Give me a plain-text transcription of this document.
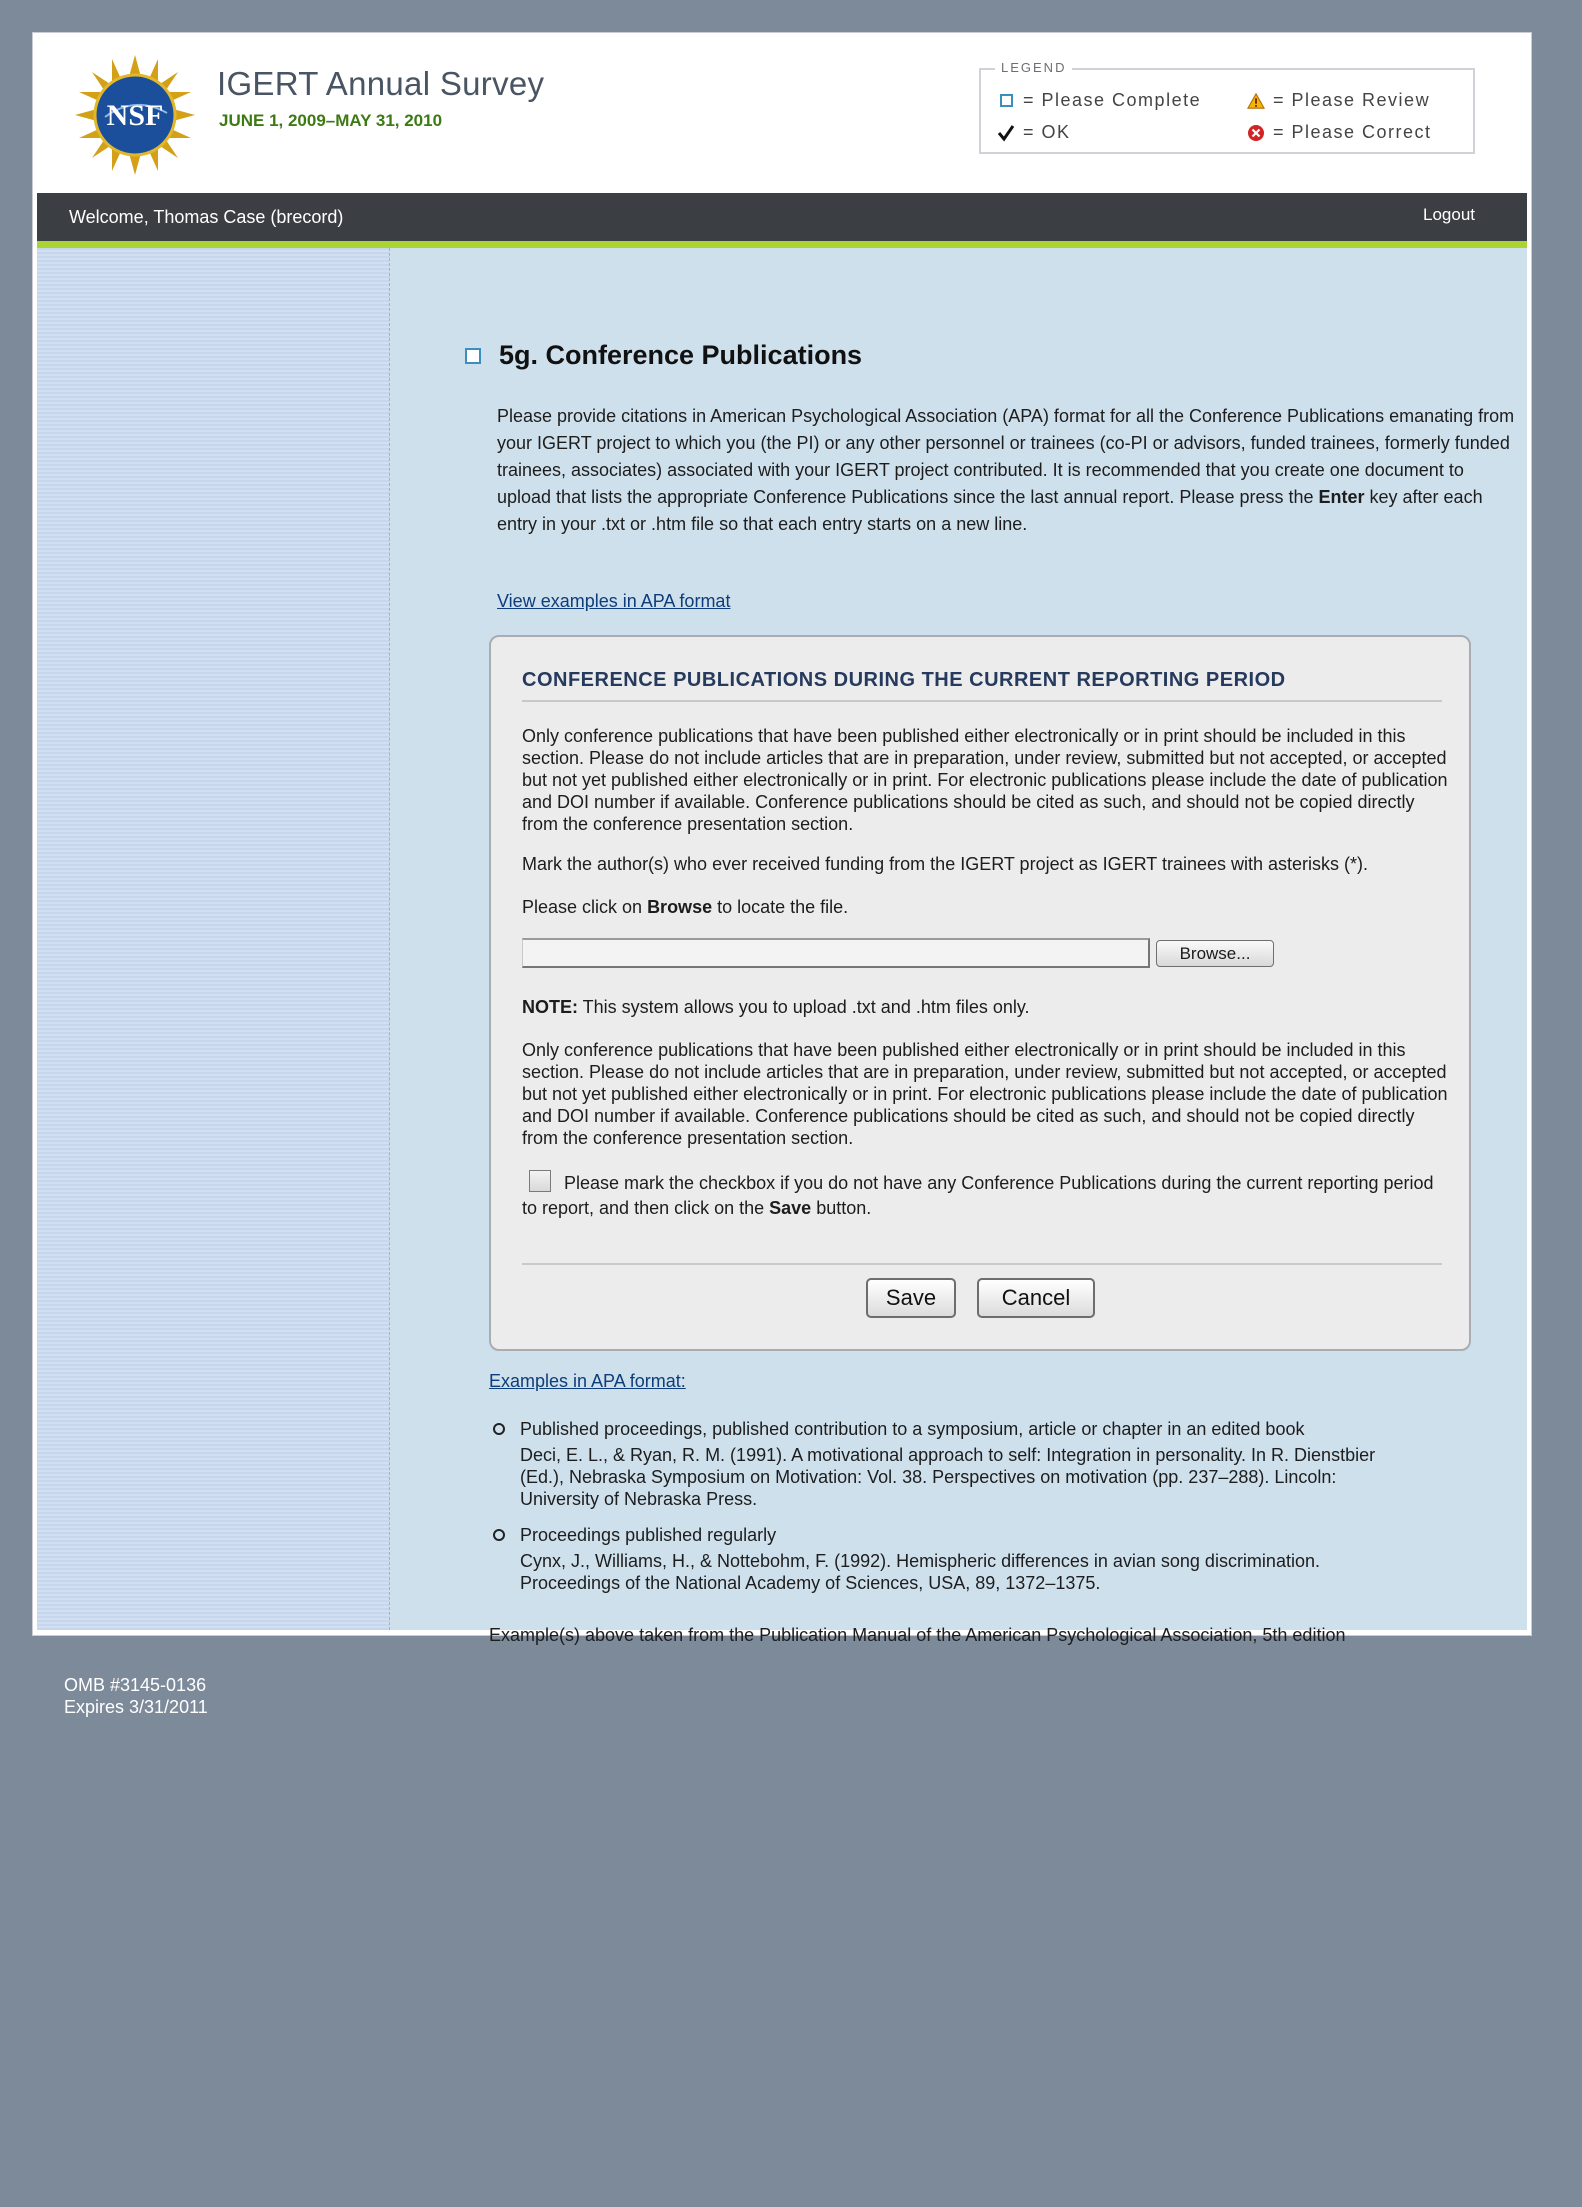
NSF
IGERT Annual Survey
JUNE 1, 2009–MAY 31, 2010
LEGEND
= Please Complete	= Please Review
= OK	= Please Correct
Welcome, Thomas Case (brecord)	Logout
5g. Conference Publications
Please provide citations in American Psychological Association (APA) format for all the Conference Publications emanating from your IGERT project to which you (the PI) or any other personnel or trainees (co-PI or advisors, funded trainees, formerly funded trainees, associates) associated with your IGERT project contributed. It is recommended that you create one document to upload that lists the appropriate Conference Publications since the last annual report. Please press the Enter key after each entry in your .txt or .htm file so that each entry starts on a new line.
View examples in APA format
CONFERENCE PUBLICATIONS DURING THE CURRENT REPORTING PERIOD
Only conference publications that have been published either electronically or in print should be included in this section. Please do not include articles that are in preparation, under review, submitted but not accepted, or accepted but not yet published either electronically or in print. For electronic publications please include the date of publication and DOI number if available. Conference publications should be cited as such, and should not be copied directly from the conference presentation section.
Mark the author(s) who ever received funding from the IGERT project as IGERT trainees with asterisks (*).
Please click on Browse to locate the file.
Browse...
NOTE: This system allows you to upload .txt and .htm files only.
Only conference publications that have been published either electronically or in print should be included in this section. Please do not include articles that are in preparation, under review, submitted but not accepted, or accepted but not yet published either electronically or in print. For electronic publications please include the date of publication and DOI number if available. Conference publications should be cited as such, and should not be copied directly from the conference presentation section.
Please mark the checkbox if you do not have any Conference Publications during the current reporting period to report, and then click on the Save button.
Save	Cancel
Examples in APA format:
Published proceedings, published contribution to a symposium, article or chapter in an edited book
Deci, E. L., & Ryan, R. M. (1991). A motivational approach to self: Integration in personality. In R. Dienstbier (Ed.), Nebraska Symposium on Motivation: Vol. 38. Perspectives on motivation (pp. 237–288). Lincoln: University of Nebraska Press.
Proceedings published regularly
Cynx, J., Williams, H., & Nottebohm, F. (1992). Hemispheric differences in avian song discrimination. Proceedings of the National Academy of Sciences, USA, 89, 1372–1375.
Example(s) above taken from the Publication Manual of the American Psychological Association, 5th edition
OMB #3145-0136
Expires 3/31/2011
